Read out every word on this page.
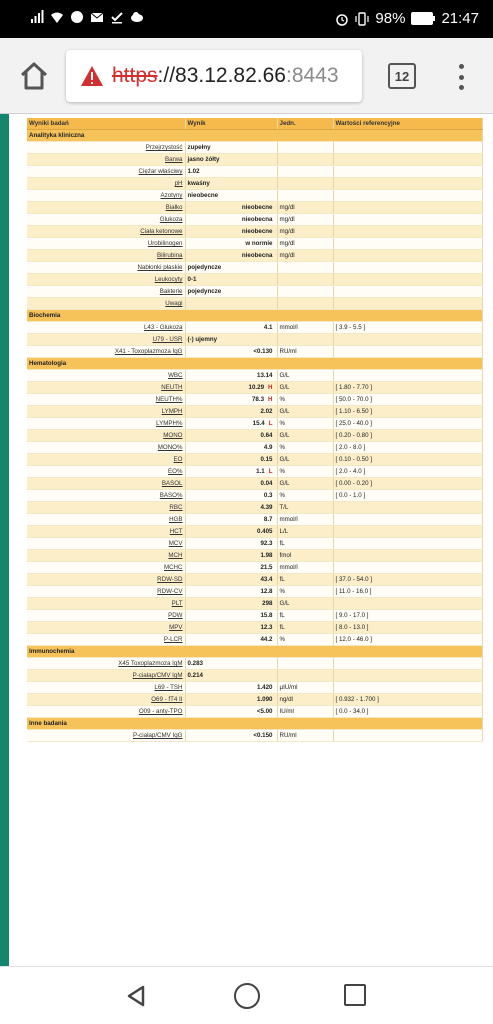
98% 21:47
https ://83.12.82.66 :8443	12
Wyniki badań	Wynik	Jedn.	Wartości referencyjne
Analityka kliniczna			
Przejrzystość	zupełny		
Barwa	jasno żółty		
Ciężar właściwy	1.02		
pH	kwaśny		
Azotyny	nieobecne		
Białko	nieobecne	mg/dl	
Glukoza	nieobecna	mg/dl	
Ciała ketonowe	nieobecne	mg/dl	
Urobilinogen	w normie	mg/dl	
Bilirubina	nieobecna	mg/dl	
Nabłonki płaskie	pojedyncze		
Leukocyty	0-1		
Bakterie	pojedyncze		
Uwagi			
Biochemia			
L43 - Glukoza	4.1	mmol/l	[ 3.9 - 5.5 ]
U79 - USR	(-) ujemny		
X41 - Toxoplazmoza IgG	<0.130	RU/ml	
Hematologia			
WBC	13.14	G/L	
NEUTH	10.29 H	G/L	[ 1.80 - 7.70 ]
NEUTH%	78.3 H	%	[ 50.0 - 70.0 ]
LYMPH	2.02	G/L	[ 1.10 - 6.50 ]
LYMPH%	15.4 L	%	[ 25.0 - 40.0 ]
MONO	0.64	G/L	[ 0.20 - 0.80 ]
MONO%	4.9	%	[ 2.0 - 8.0 ]
EO	0.15	G/L	[ 0.10 - 0.50 ]
EO%	1.1 L	%	[ 2.0 - 4.0 ]
BASOL	0.04	G/L	[ 0.00 - 0.20 ]
BASO%	0.3	%	[ 0.0 - 1.0 ]
RBC	4.39	T/L	
HGB	8.7	mmol/l	
HCT	0.405	L/L	
MCV	92.3	fL	
MCH	1.98	fmol	
MCHC	21.5	mmol/l	
RDW-SD	43.4	fL	[ 37.0 - 54.0 ]
RDW-CV	12.8	%	[ 11.0 - 16.0 ]
PLT	298	G/L	
PDW	15.8	fL	[ 9.0 - 17.0 ]
MPV	12.3	fL	[ 8.0 - 13.0 ]
P-LCR	44.2	%	[ 12.0 - 46.0 ]
Immunochemia			
X45 Toxoplazmoza IgM	0.283		
P-ciałap/CMV IgM	0.214		
L69 - TSH	1.420	µIU/ml	
O69 - fT4 II	1.090	ng/dl	[ 0.932 - 1.700 ]
O09 - anty-TPO	<5.00	IU/ml	[ 0.0 - 34.0 ]
Inne badania			
P-ciałap/CMV IgG	<0.150	RU/ml	
